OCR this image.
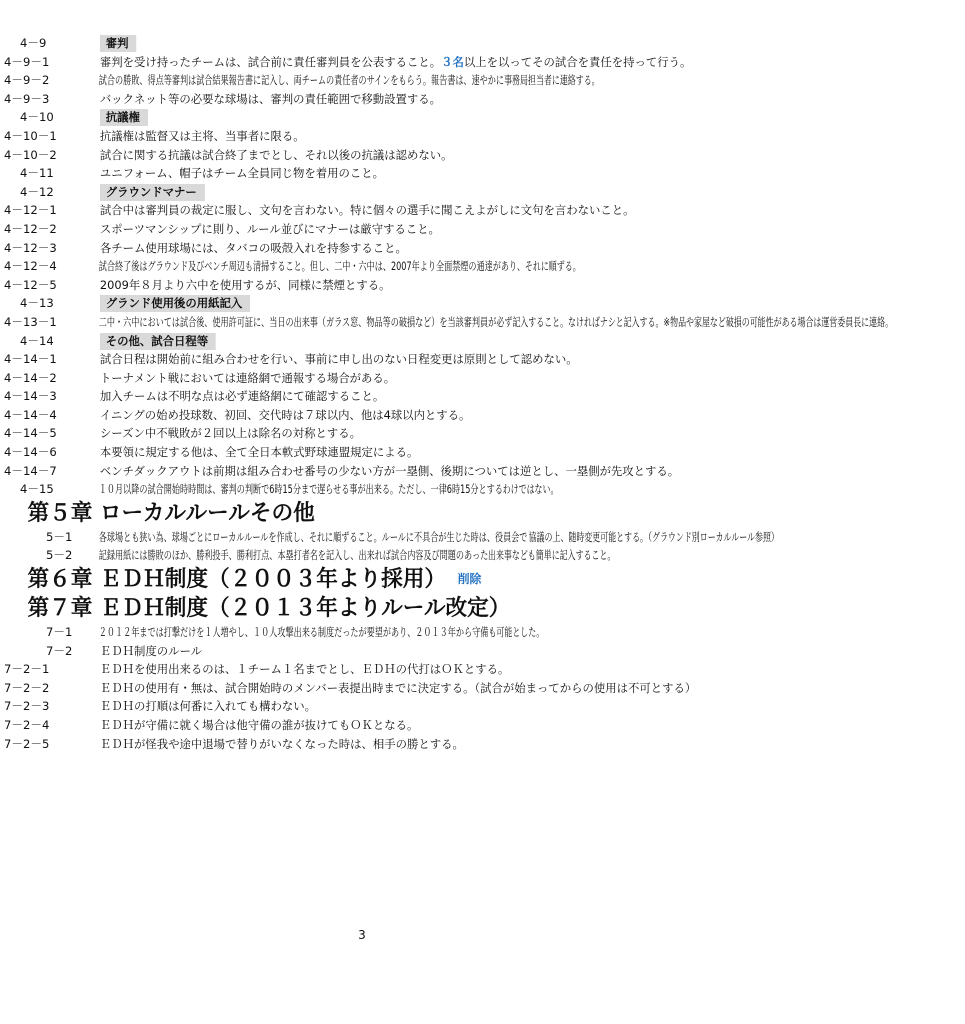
4－9	審判
4－9－1	審判を受け持ったチームは、試合前に責任審判員を公表すること。３名以上を以ってその試合を責任を持って行う。
4－9－2	試合の勝敗、得点等審判は試合結果報告書に記入し、両チームの責任者のサインをもらう。報告書は、速やかに事務局担当者に連絡する。
4－9－3	バックネット等の必要な球場は、審判の責任範囲で移動設置する。
4－10	抗議権
4－10－1	抗議権は監督又は主将、当事者に限る。
4－10－2	試合に関する抗議は試合終了までとし、それ以後の抗議は認めない。
4－11	ユニフォーム、帽子はチーム全員同じ物を着用のこと。
4－12	グラウンドマナー
4－12－1	試合中は審判員の裁定に服し、文句を言わない。特に個々の選手に聞こえよがしに文句を言わないこと。
4－12－2	スポーツマンシップに則り、ルール並びにマナーは厳守すること。
4－12－3	各チーム使用球場には、タバコの吸殻入れを持参すること。
4－12－4	試合終了後はグラウンド及びベンチ周辺も清掃すること。但し、二中・六中は、2007年より全面禁煙の通達があり、それに順ずる。
4－12－5	2009年８月より六中を使用するが、同様に禁煙とする。
4－13	グランド使用後の用紙記入
4－13－1	二中・六中においては試合後、使用許可証に、当日の出来事（ガラス窓、物品等の破損など）を当該審判員が必ず記入すること。なければナシと記入する。※物品や家屋など破損の可能性がある場合は運営委員長に連絡。
4－14	その他、試合日程等
4－14－1	試合日程は開始前に組み合わせを行い、事前に申し出のない日程変更は原則として認めない。
4－14－2	トーナメント戦においては連絡網で通報する場合がある。
4－14－3	加入チームは不明な点は必ず連絡網にて確認すること。
4－14－4	イニングの始め投球数、初回、交代時は７球以内、他は4球以内とする。
4－14－5	シーズン中不戦敗が２回以上は除名の対称とする。
4－14－6	本要領に規定する他は、全て全日本軟式野球連盟規定による。
4－14－7	ベンチダックアウトは前期は組み合わせ番号の少ない方が一塁側、後期については逆とし、一塁側が先攻とする。
4－15	１０月以降の試合開始時時間は、審判の判断で6時15分まで遅らせる事が出来る。ただし、一律6時15分とするわけではない。
第５章 ローカルルールその他
5－1	各球場とも狭い為、球場ごとにローカルルールを作成し、それに順ずること。ルールに不具合が生じた時は、役員会で協議の上、随時変更可能とする。（グラウンド別ローカルルール参照）
5－2	記録用紙には勝敗のほか、勝利投手、勝利打点、本塁打者名を記入し、出来れば試合内容及び問題のあった出来事なども簡単に記入すること。
第６章 ＥＤＨ制度（２００３年より採用） 削除第７章 ＥＤＨ制度（２０１３年よりルール改定）
7－1	２０１２年までは打撃だけを１人増やし、１０人攻撃出来る制度だったが要望があり、２０１３年から守備も可能とした。
7－2	ＥＤＨ制度のルール
7－2－1	ＥＤＨを使用出来るのは、１チーム１名までとし、ＥＤＨの代打はＯＫとする。
7－2－2	ＥＤＨの使用有・無は、試合開始時のメンバー表提出時までに決定する。（試合が始まってからの使用は不可とする）
7－2－3	ＥＤＨの打順は何番に入れても構わない。
7－2－4	ＥＤＨが守備に就く場合は他守備の誰が抜けてもＯＫとなる。
7－2－5	ＥＤＨが怪我や途中退場で替りがいなくなった時は、相手の勝とする。
3
